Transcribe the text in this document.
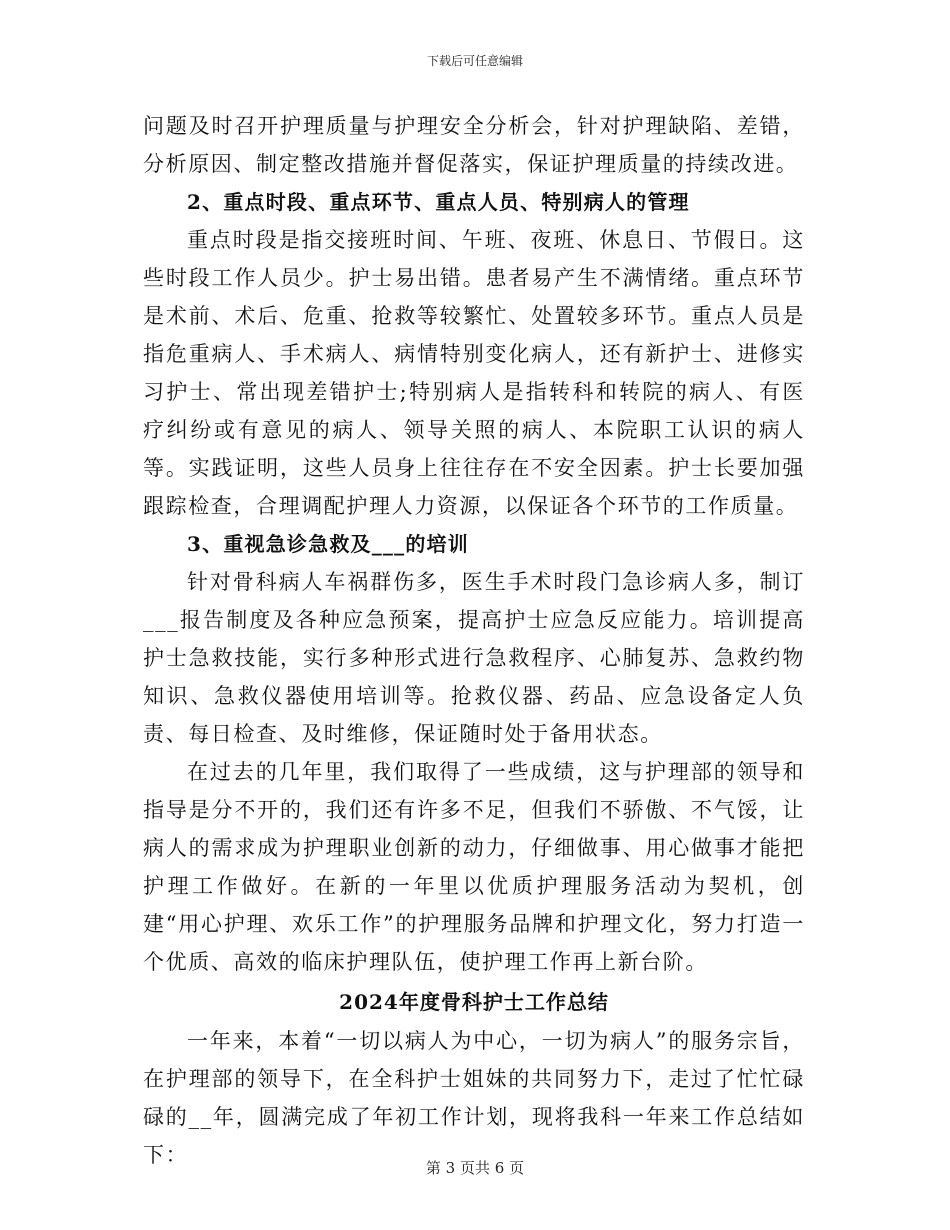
下载后可任意编辑

问题及时召开护理质量与护理安全分析会，针对护理缺陷、差错，分析原因、制定整改措施并督促落实，保证护理质量的持续改进。

2、重点时段、重点环节、重点人员、特别病人的管理

重点时段是指交接班时间、午班、夜班、休息日、节假日。这些时段工作人员少。护士易出错。患者易产生不满情绪。重点环节是术前、术后、危重、抢救等较繁忙、处置较多环节。重点人员是指危重病人、手术病人、病情特别变化病人，还有新护士、进修实习护士、常出现差错护士;特别病人是指转科和转院的病人、有医疗纠纷或有意见的病人、领导关照的病人、本院职工认识的病人等。实践证明，这些人员身上往往存在不安全因素。护士长要加强跟踪检查，合理调配护理人力资源，以保证各个环节的工作质量。

3、重视急诊急救及___的培训

针对骨科病人车祸群伤多，医生手术时段门急诊病人多，制订___报告制度及各种应急预案，提高护士应急反应能力。培训提高护士急救技能，实行多种形式进行急救程序、心肺复苏、急救约物知识、急救仪器使用培训等。抢救仪器、药品、应急设备定人负责、每日检查、及时维修，保证随时处于备用状态。

在过去的几年里，我们取得了一些成绩，这与护理部的领导和指导是分不开的，我们还有许多不足，但我们不骄傲、不气馁，让病人的需求成为护理职业创新的动力，仔细做事、用心做事才能把护理工作做好。在新的一年里以优质护理服务活动为契机，创建“用心护理、欢乐工作”的护理服务品牌和护理文化，努力打造一个优质、高效的临床护理队伍，使护理工作再上新台阶。

2024年度骨科护士工作总结

一年来，本着“一切以病人为中心，一切为病人”的服务宗旨，在护理部的领导下，在全科护士姐妹的共同努力下，走过了忙忙碌碌的__年，圆满完成了年初工作计划，现将我科一年来工作总结如下：

第 3 页共 6 页
